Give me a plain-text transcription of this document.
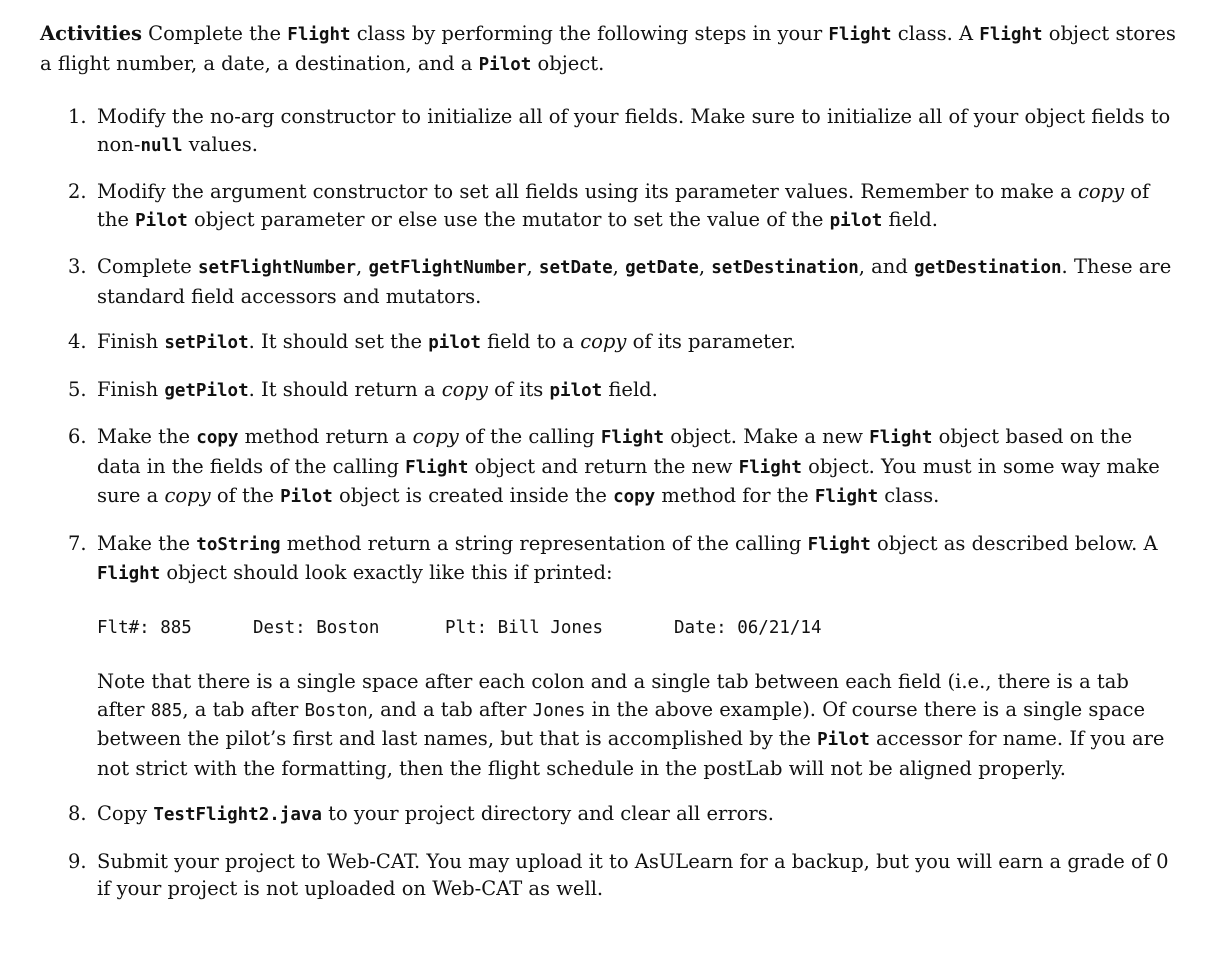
Activities Complete the Flight class by performing the following steps in your Flight class. A Flight object stores a flight number, a date, a destination, and a Pilot object.

1. Modify the no-arg constructor to initialize all of your fields. Make sure to initialize all of your object fields to non-null values.
2. Modify the argument constructor to set all fields using its parameter values. Remember to make a copy of the Pilot object parameter or else use the mutator to set the value of the pilot field.
3. Complete setFlightNumber, getFlightNumber, setDate, getDate, setDestination, and getDestination. These are standard field accessors and mutators.
4. Finish setPilot. It should set the pilot field to a copy of its parameter.
5. Finish getPilot. It should return a copy of its pilot field.
6. Make the copy method return a copy of the calling Flight object. Make a new Flight object based on the data in the fields of the calling Flight object and return the new Flight object. You must in some way make sure a copy of the Pilot object is created inside the copy method for the Flight class.
7. Make the toString method return a string representation of the calling Flight object as described below. A Flight object should look exactly like this if printed:
Flt#: 885	Dest: Boston	Plt: Bill Jones	Date: 06/21/14
Note that there is a single space after each colon and a single tab between each field (i.e., there is a tab after 885, a tab after Boston, and a tab after Jones in the above example). Of course there is a single space between the pilot’s first and last names, but that is accomplished by the Pilot accessor for name. If you are not strict with the formatting, then the flight schedule in the postLab will not be aligned properly.
8. Copy TestFlight2.java to your project directory and clear all errors.
9. Submit your project to Web-CAT. You may upload it to AsULearn for a backup, but you will earn a grade of 0 if your project is not uploaded on Web-CAT as well.
